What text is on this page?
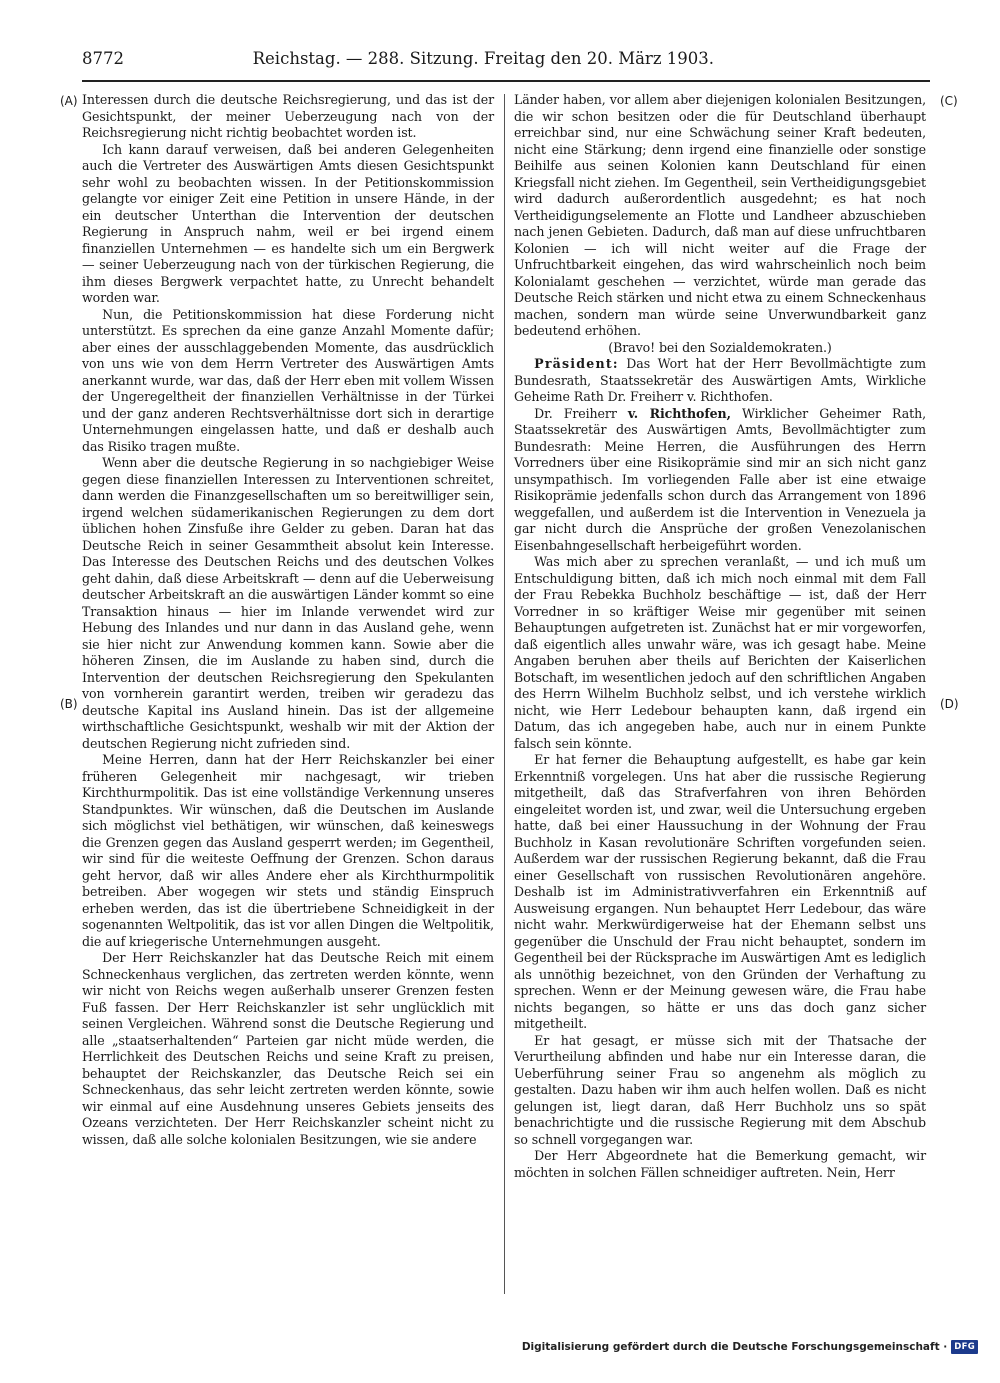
8772	Reichstag. — 288. Sitzung. Freitag den 20. März 1903.
(A)
(B)
(C)
(D)

Interessen durch die deutsche Reichsregierung, und das ist der Gesichtspunkt, der meiner Ueberzeugung nach von der Reichsregierung nicht richtig beobachtet worden ist.

Ich kann darauf verweisen, daß bei anderen Gelegenheiten auch die Vertreter des Auswärtigen Amts diesen Gesichtspunkt sehr wohl zu beobachten wissen. In der Petitionskommission gelangte vor einiger Zeit eine Petition in unsere Hände, in der ein deutscher Unterthan die Intervention der deutschen Regierung in Anspruch nahm, weil er bei irgend einem finanziellen Unternehmen — es handelte sich um ein Bergwerk — seiner Ueberzeugung nach von der türkischen Regierung, die ihm dieses Bergwerk verpachtet hatte, zu Unrecht behandelt worden war.

Nun, die Petitionskommission hat diese Forderung nicht unterstützt. Es sprechen da eine ganze Anzahl Momente dafür; aber eines der ausschlaggebenden Momente, das ausdrücklich von uns wie von dem Herrn Vertreter des Auswärtigen Amts anerkannt wurde, war das, daß der Herr eben mit vollem Wissen der Ungeregeltheit der finanziellen Verhältnisse in der Türkei und der ganz anderen Rechtsverhältnisse dort sich in derartige Unternehmungen eingelassen hatte, und daß er deshalb auch das Risiko tragen mußte.

Wenn aber die deutsche Regierung in so nachgiebiger Weise gegen diese finanziellen Interessen zu Interventionen schreitet, dann werden die Finanzgesellschaften um so bereitwilliger sein, irgend welchen südamerikanischen Regierungen zu dem dort üblichen hohen Zinsfuße ihre Gelder zu geben. Daran hat das Deutsche Reich in seiner Gesammtheit absolut kein Interesse. Das Interesse des Deutschen Reichs und des deutschen Volkes geht dahin, daß diese Arbeitskraft — denn auf die Ueberweisung deutscher Arbeitskraft an die auswärtigen Länder kommt so eine Transaktion hinaus — hier im Inlande verwendet wird zur Hebung des Inlandes und nur dann in das Ausland gehe, wenn sie hier nicht zur Anwendung kommen kann. Sowie aber die höheren Zinsen, die im Auslande zu haben sind, durch die Intervention der deutschen Reichsregierung den Spekulanten von vornherein garantirt werden, treiben wir geradezu das deutsche Kapital ins Ausland hinein. Das ist der allgemeine wirthschaftliche Gesichtspunkt, weshalb wir mit der Aktion der deutschen Regierung nicht zufrieden sind.

Meine Herren, dann hat der Herr Reichskanzler bei einer früheren Gelegenheit mir nachgesagt, wir trieben Kirchthurmpolitik. Das ist eine vollständige Verkennung unseres Standpunktes. Wir wünschen, daß die Deutschen im Auslande sich möglichst viel bethätigen, wir wünschen, daß keineswegs die Grenzen gegen das Ausland gesperrt werden; im Gegentheil, wir sind für die weiteste Oeffnung der Grenzen. Schon daraus geht hervor, daß wir alles Andere eher als Kirchthurmpolitik betreiben. Aber wogegen wir stets und ständig Einspruch erheben werden, das ist die übertriebene Schneidigkeit in der sogenannten Weltpolitik, das ist vor allen Dingen die Weltpolitik, die auf kriegerische Unternehmungen ausgeht.

Der Herr Reichskanzler hat das Deutsche Reich mit einem Schneckenhaus verglichen, das zertreten werden könnte, wenn wir nicht von Reichs wegen außerhalb unserer Grenzen festen Fuß fassen. Der Herr Reichskanzler ist sehr unglücklich mit seinen Vergleichen. Während sonst die Deutsche Regierung und alle „staatserhaltenden“ Parteien gar nicht müde werden, die Herrlichkeit des Deutschen Reichs und seine Kraft zu preisen, behauptet der Reichskanzler, das Deutsche Reich sei ein Schneckenhaus, das sehr leicht zertreten werden könnte, sowie wir einmal auf eine Ausdehnung unseres Gebiets jenseits des Ozeans verzichteten. Der Herr Reichskanzler scheint nicht zu wissen, daß alle solche kolonialen Besitzungen, wie sie andere

Länder haben, vor allem aber diejenigen kolonialen Besitzungen, die wir schon besitzen oder die für Deutschland überhaupt erreichbar sind, nur eine Schwächung seiner Kraft bedeuten, nicht eine Stärkung; denn irgend eine finanzielle oder sonstige Beihilfe aus seinen Kolonien kann Deutschland für einen Kriegsfall nicht ziehen. Im Gegentheil, sein Vertheidigungsgebiet wird dadurch außerordentlich ausgedehnt; es hat noch Vertheidigungselemente an Flotte und Landheer abzuschieben nach jenen Gebieten. Dadurch, daß man auf diese unfruchtbaren Kolonien — ich will nicht weiter auf die Frage der Unfruchtbarkeit eingehen, das wird wahrscheinlich noch beim Kolonialamt geschehen — verzichtet, würde man gerade das Deutsche Reich stärken und nicht etwa zu einem Schneckenhaus machen, sondern man würde seine Unverwundbarkeit ganz bedeutend erhöhen.

(Bravo! bei den Sozialdemokraten.)

Präsident: Das Wort hat der Herr Bevollmächtigte zum Bundesrath, Staatssekretär des Auswärtigen Amts, Wirkliche Geheime Rath Dr. Freiherr v. Richthofen.

Dr. Freiherr v. Richthofen, Wirklicher Geheimer Rath, Staatssekretär des Auswärtigen Amts, Bevollmächtigter zum Bundesrath: Meine Herren, die Ausführungen des Herrn Vorredners über eine Risikoprämie sind mir an sich nicht ganz unsympathisch. Im vorliegenden Falle aber ist eine etwaige Risikoprämie jedenfalls schon durch das Arrangement von 1896 weggefallen, und außerdem ist die Intervention in Venezuela ja gar nicht durch die Ansprüche der großen Venezolanischen Eisenbahngesellschaft herbeigeführt worden.

Was mich aber zu sprechen veranlaßt, — und ich muß um Entschuldigung bitten, daß ich mich noch einmal mit dem Fall der Frau Rebekka Buchholz beschäftige — ist, daß der Herr Vorredner in so kräftiger Weise mir gegenüber mit seinen Behauptungen aufgetreten ist. Zunächst hat er mir vorgeworfen, daß eigentlich alles unwahr wäre, was ich gesagt habe. Meine Angaben beruhen aber theils auf Berichten der Kaiserlichen Botschaft, im wesentlichen jedoch auf den schriftlichen Angaben des Herrn Wilhelm Buchholz selbst, und ich verstehe wirklich nicht, wie Herr Ledebour behaupten kann, daß irgend ein Datum, das ich angegeben habe, auch nur in einem Punkte falsch sein könnte.

Er hat ferner die Behauptung aufgestellt, es habe gar kein Erkenntniß vorgelegen. Uns hat aber die russische Regierung mitgetheilt, daß das Strafverfahren von ihren Behörden eingeleitet worden ist, und zwar, weil die Untersuchung ergeben hatte, daß bei einer Haussuchung in der Wohnung der Frau Buchholz in Kasan revolutionäre Schriften vorgefunden seien. Außerdem war der russischen Regierung bekannt, daß die Frau einer Gesellschaft von russischen Revolutionären angehöre. Deshalb ist im Administrativverfahren ein Erkenntniß auf Ausweisung ergangen. Nun behauptet Herr Ledebour, das wäre nicht wahr. Merkwürdigerweise hat der Ehemann selbst uns gegenüber die Unschuld der Frau nicht behauptet, sondern im Gegentheil bei der Rücksprache im Auswärtigen Amt es lediglich als unnöthig bezeichnet, von den Gründen der Verhaftung zu sprechen. Wenn er der Meinung gewesen wäre, die Frau habe nichts begangen, so hätte er uns das doch ganz sicher mitgetheilt.

Er hat gesagt, er müsse sich mit der Thatsache der Verurtheilung abfinden und habe nur ein Interesse daran, die Ueberführung seiner Frau so angenehm als möglich zu gestalten. Dazu haben wir ihm auch helfen wollen. Daß es nicht gelungen ist, liegt daran, daß Herr Buchholz uns so spät benachrichtigte und die russische Regierung mit dem Abschub so schnell vorgegangen war.

Der Herr Abgeordnete hat die Bemerkung gemacht, wir möchten in solchen Fällen schneidiger auftreten. Nein, Herr

Digitalisierung gefördert durch die Deutsche Forschungsgemeinschaft · DFG
